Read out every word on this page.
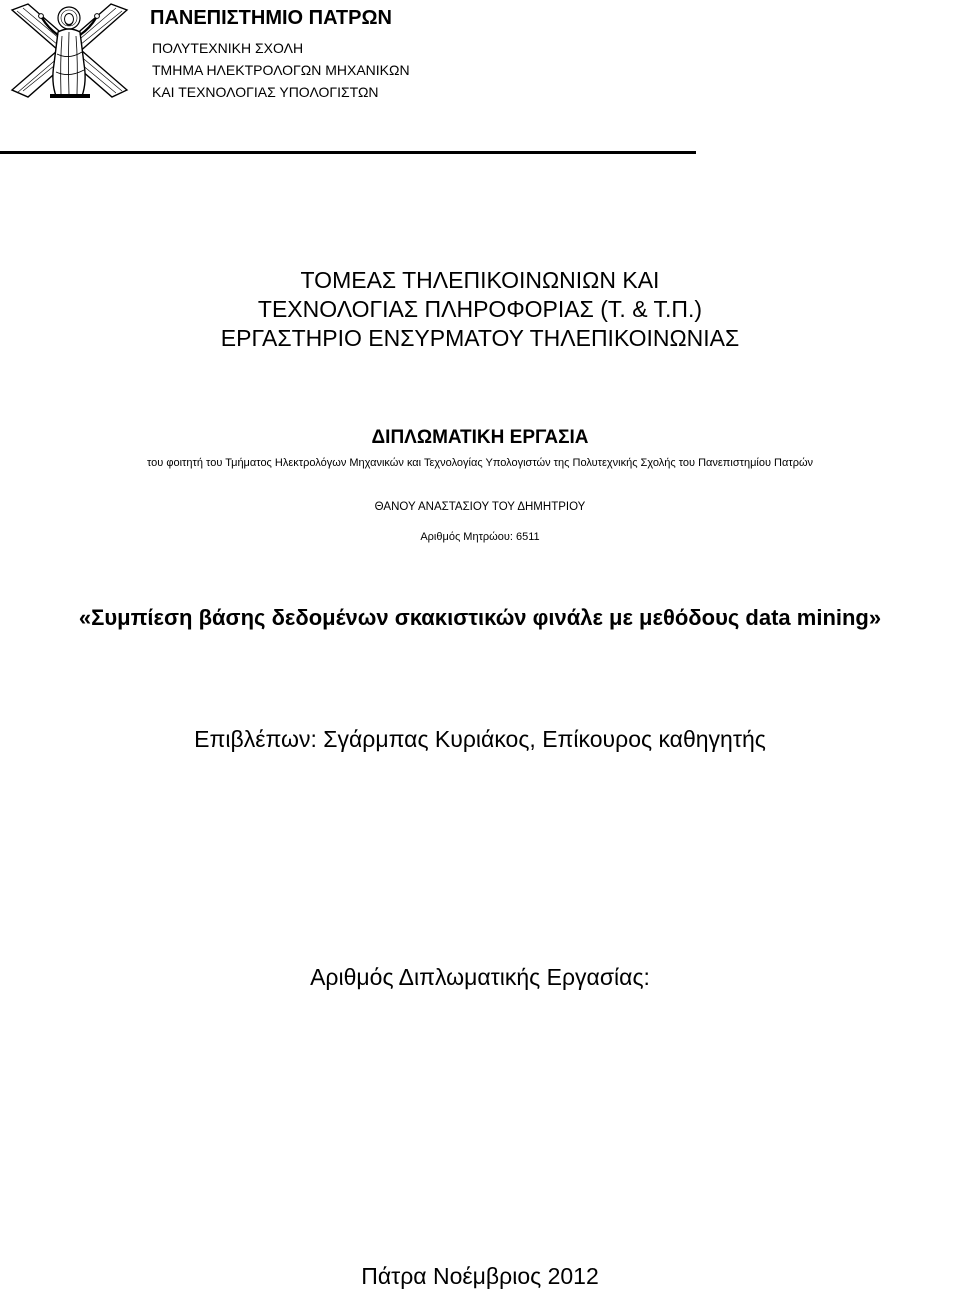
ΠΑΝΕΠΙΣΤΗΜΙΟ ΠΑΤΡΩΝ
ΠΟΛΥΤΕΧΝΙΚΗ ΣΧΟΛΗ
ΤΜΗΜΑ ΗΛΕΚΤΡΟΛΟΓΩΝ ΜΗΧΑΝΙΚΩΝ
ΚΑΙ ΤΕΧΝΟΛΟΓΙΑΣ ΥΠΟΛΟΓΙΣΤΩΝ
ΤΟΜΕΑΣ ΤΗΛΕΠΙΚΟΙΝΩΝΙΩΝ ΚΑΙ
ΤΕΧΝΟΛΟΓΙΑΣ ΠΛΗΡΟΦΟΡΙΑΣ (Τ. & Τ.Π.)
ΕΡΓΑΣΤΗΡΙΟ ΕΝΣΥΡΜΑΤΟΥ ΤΗΛΕΠΙΚΟΙΝΩΝΙΑΣ
ΔΙΠΛΩΜΑΤΙΚΗ ΕΡΓΑΣΙΑ
του φοιτητή του Τμήματος Ηλεκτρολόγων Μηχανικών και Τεχνολογίας Υπολογιστών της Πολυτεχνικής Σχολής του Πανεπιστημίου Πατρών
ΘΑΝΟΥ ΑΝΑΣΤΑΣΙΟΥ ΤΟΥ ΔΗΜΗΤΡΙΟΥ
Αριθμός Μητρώου: 6511
«Συμπίεση βάσης δεδομένων σκακιστικών φινάλε με μεθόδους data mining»
Επιβλέπων: Σγάρμπας Κυριάκος, Επίκουρος καθηγητής
Αριθμός Διπλωματικής Εργασίας:
Πάτρα Νοέμβριος 2012
